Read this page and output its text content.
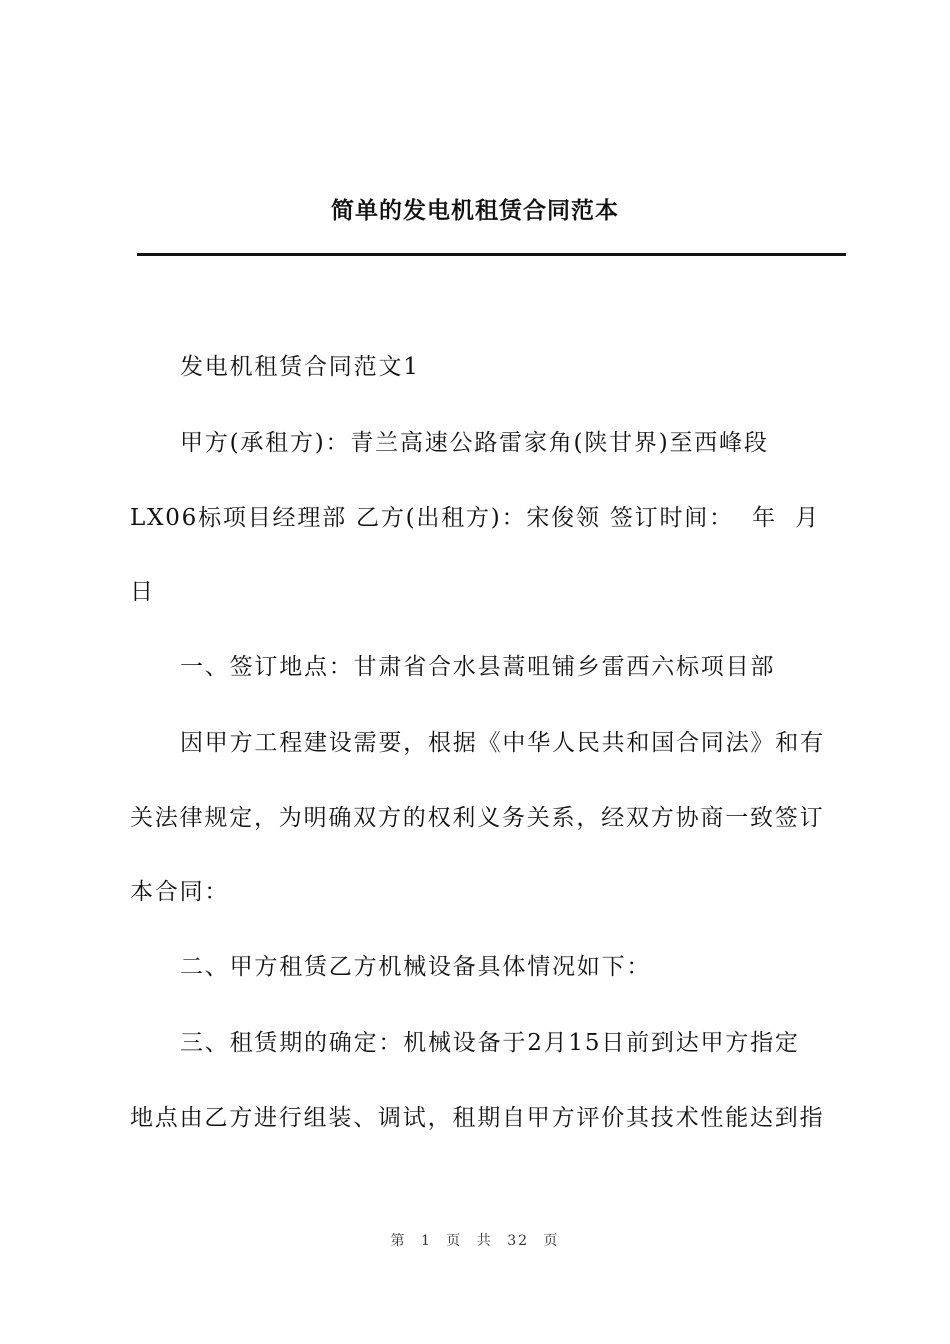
简单的发电机租赁合同范本
发电机租赁合同范文1
甲方(承租方)：青兰高速公路雷家角(陕甘界)至西峰段
LX06标项目经理部 乙方(出租方)：宋俊领 签订时间：  年  月
日
一、签订地点：甘肃省合水县蒿咀铺乡雷西六标项目部
因甲方工程建设需要，根据《中华人民共和国合同法》和有
关法律规定，为明确双方的权利义务关系，经双方协商一致签订
本合同：
二、甲方租赁乙方机械设备具体情况如下：
三、租赁期的确定：机械设备于2月15日前到达甲方指定
地点由乙方进行组装、调试，租期自甲方评价其技术性能达到指
第 1 页 共 32 页
